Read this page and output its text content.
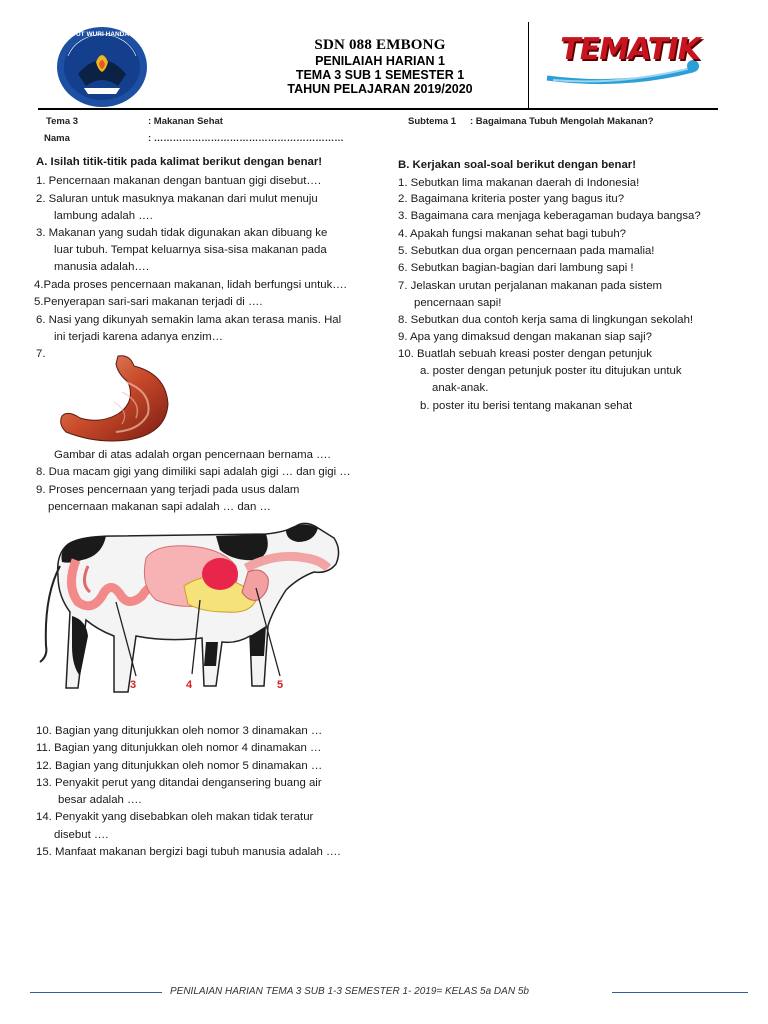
TUT WURI HANDAYANI
SDN 088 EMBONG
PENILAIAH HARIAN 1
TEMA 3 SUB 1 SEMESTER 1
TAHUN PELAJARAN 2019/2020
TEMATIK
Tema 3	: Makanan Sehat
Nama	: ……………………………………………………
Subtema 1 : Bagaimana Tubuh Mengolah Makanan?
A. Isilah titik-titik pada kalimat berikut dengan benar!
1. Pencernaan makanan dengan bantuan gigi disebut….
2. Saluran untuk masuknya makanan dari mulut menuju
lambung adalah ….
3. Makanan yang sudah tidak digunakan akan dibuang ke
luar tubuh. Tempat keluarnya sisa-sisa makanan pada
manusia adalah….
4.Pada proses pencernaan makanan, lidah berfungsi untuk….
5.Penyerapan sari-sari makanan terjadi di ….
6. Nasi yang dikunyah semakin lama akan terasa manis. Hal
ini terjadi karena adanya enzim…
7.
Gambar di atas adalah organ pencernaan bernama ….
8. Dua macam gigi yang dimiliki sapi adalah gigi … dan gigi …
9. Proses pencernaan yang terjadi pada usus dalam
pencernaan makanan sapi adalah … dan …
3	4	5
10. Bagian yang ditunjukkan oleh nomor 3 dinamakan …
11. Bagian yang ditunjukkan oleh nomor 4 dinamakan …
12. Bagian yang ditunjukkan oleh nomor 5 dinamakan …
13. Penyakit perut yang ditandai dengansering buang air
besar adalah ….
14. Penyakit yang disebabkan oleh makan tidak teratur
disebut ….
15. Manfaat makanan bergizi bagi tubuh manusia adalah ….
B. Kerjakan soal-soal berikut dengan benar!
1. Sebutkan lima makanan daerah di Indonesia!
2. Bagaimana kriteria poster yang bagus itu?
3. Bagaimana cara menjaga keberagaman budaya bangsa?
4. Apakah fungsi makanan sehat bagi tubuh?
5. Sebutkan dua organ pencernaan pada mamalia!
6. Sebutkan bagian-bagian dari lambung sapi !
7. Jelaskan urutan perjalanan makanan pada sistem
pencernaan sapi!
8. Sebutkan dua contoh kerja sama di lingkungan sekolah!
9. Apa yang dimaksud dengan makanan siap saji?
10. Buatlah sebuah kreasi poster dengan petunjuk
a. poster dengan petunjuk poster itu ditujukan untuk
anak-anak.
b. poster itu berisi tentang makanan sehat
PENILAIAN HARIAN TEMA 3 SUB 1-3 SEMESTER 1- 2019= KELAS 5a DAN 5b
